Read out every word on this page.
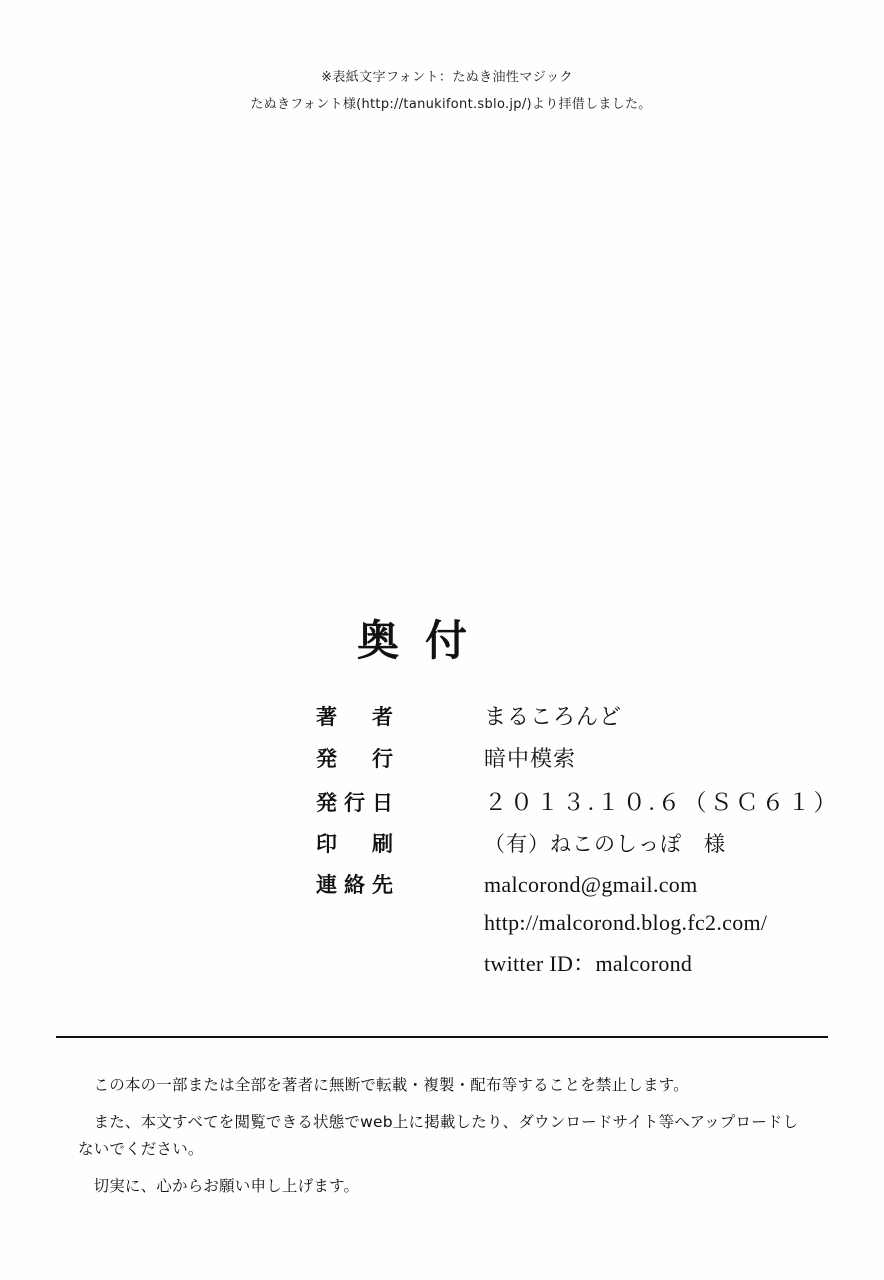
※表紙文字フォント：たぬき油性マジック
たぬきフォント様(http://tanukifont.sblo.jp/)より拝借しました。
奥付
著　者	まるころんど
発　行	暗中模索
発行日	２０１３.１０.６（ＳＣ６１）
印　刷	（有）ねこのしっぽ　様
連絡先	malcorond@gmail.com
http://malcorond.blog.fc2.com/
twitter ID：malcorond

この本の一部または全部を著者に無断で転載・複製・配布等することを禁止します。

また、本文すべてを閲覧できる状態でweb上に掲載したり、ダウンロードサイト等へアップロードしないでください。

切実に、心からお願い申し上げます。
